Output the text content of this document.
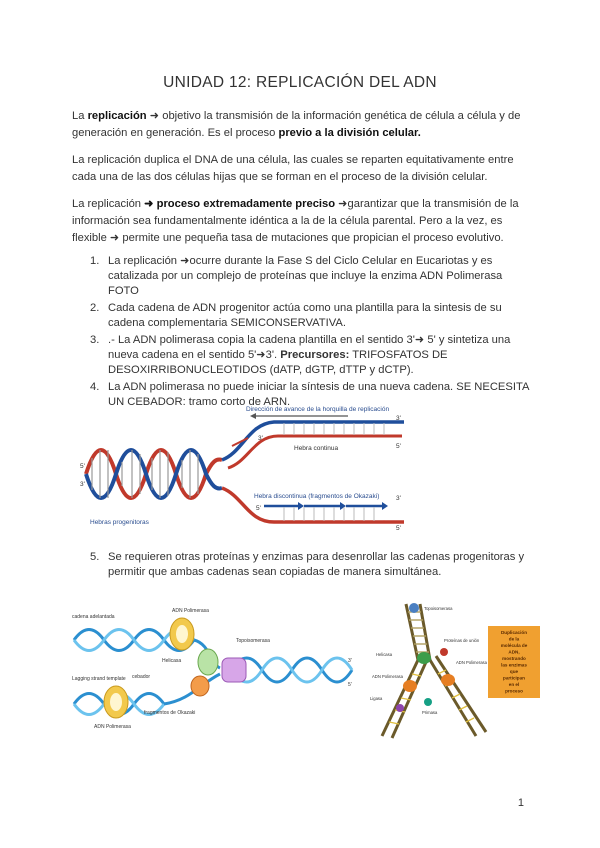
UNIDAD 12: REPLICACIÓN DEL ADN
La replicación ➜ objetivo la transmisión de la información genética de célula a célula y de generación en generación. Es el proceso previo a la división celular.
La replicación duplica el DNA de una célula, las cuales se reparten equitativamente entre cada una de las dos células hijas que se forman en el proceso de la división celular.
La replicación ➜ proceso extremadamente preciso ➜garantizar que la transmisión de la información sea fundamentalmente idéntica a la de la célula parental. Pero a la vez, es flexible ➜ permite une pequeña tasa de mutaciones que propician el proceso evolutivo.
1. La replicación ➜ocurre durante la Fase S del Ciclo Celular en Eucariotas y es catalizada por un complejo de proteínas que incluye la enzima ADN Polimerasa FOTO
2. Cada cadena de ADN progenitor actúa como una plantilla para la sintesis de su cadena complementaria SEMICONSERVATIVA.
3. .- La ADN polimerasa copia la cadena plantilla en el sentido 3'➜ 5' y sintetiza una nueva cadena en el sentido 5'➜3'. Precursores: TRIFOSFATOS DE DESOXIRRIBONUCLEOTIDOS (dATP, dGTP, dTTP y dCTP).
4. La ADN polimerasa no puede iniciar la síntesis de una nueva cadena. SE NECESITA UN CEBADOR: tramo corto de ARN.
Dirección de avance de la horquilla de replicación
Hebra continua
Hebra discontinua (fragmentos de Okazaki)
Hebras progenitoras
3'
5'
3'
5'
3'
5'
5'
3'
5. Se requieren otras proteínas y enzimas para desenrollar las cadenas progenitoras y permitir que ambas cadenas sean copiadas de manera simultánea.
ADN Polimerasa
cadena adelantada
Topoisomerasa
Helicasa
cebador
Lagging strand template
fragmentos de Okazaki
ADN Polimerasa
3'
5'
Topoisomerasa
Helicasa
Proteínas de unión
ADN Polimerasa
ADN Polimerasa
Ligasa
Primasa
Duplicación
de la
molécula de
ADN,
mostrando
las enzimas
que
participan
en el
proceso
1
